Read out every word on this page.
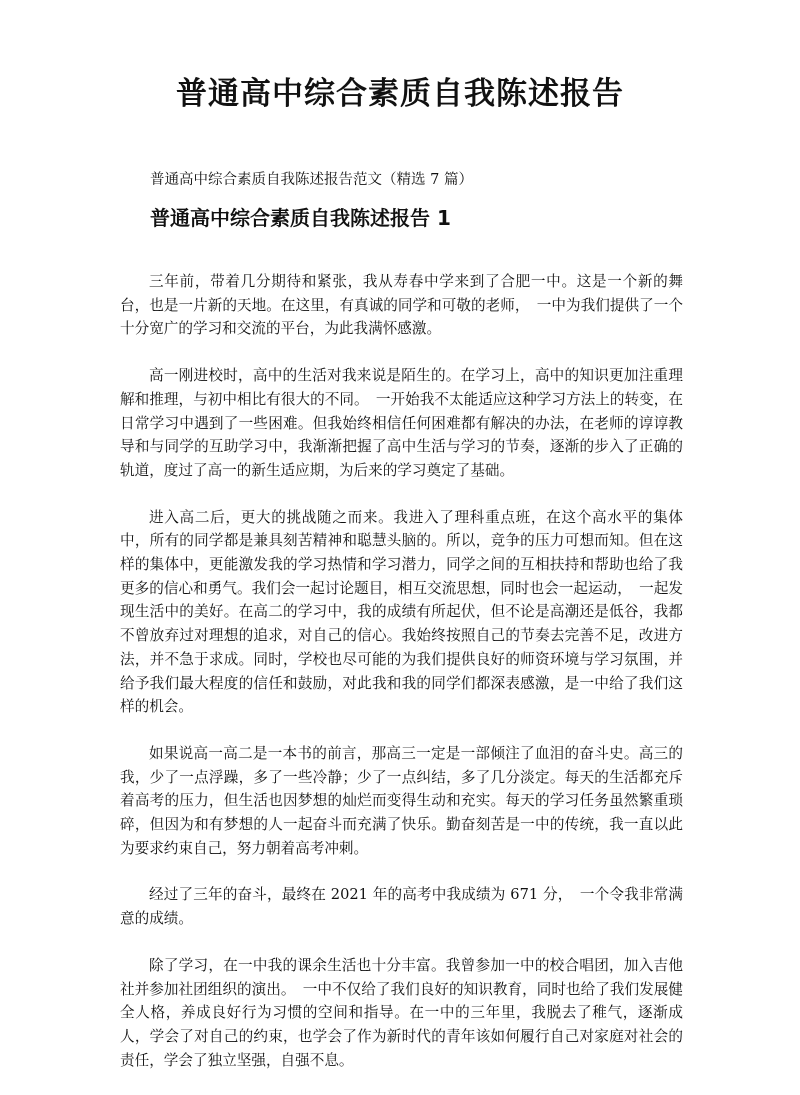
普通高中综合素质自我陈述报告

普通高中综合素质自我陈述报告范文（精选 7 篇）

普通高中综合素质自我陈述报告 1

三年前，带着几分期待和紧张，我从寿春中学来到了合肥一中。这是一个新的舞台，也是一片新的天地。在这里，有真诚的同学和可敬的老师，　一中为我们提供了一个十分宽广的学习和交流的平台，为此我满怀感激。

高一刚进校时，高中的生活对我来说是陌生的。在学习上，高中的知识更加注重理解和推理，与初中相比有很大的不同。　一开始我不太能适应这种学习方法上的转变，在日常学习中遇到了一些困难。但我始终相信任何困难都有解决的办法，在老师的谆谆教导和与同学的互助学习中，我渐渐把握了高中生活与学习的节奏，逐渐的步入了正确的轨道，度过了高一的新生适应期，为后来的学习奠定了基础。

进入高二后，更大的挑战随之而来。我进入了理科重点班，在这个高水平的集体中，所有的同学都是兼具刻苦精神和聪慧头脑的。所以，竞争的压力可想而知。但在这样的集体中，更能激发我的学习热情和学习潜力，同学之间的互相扶持和帮助也给了我更多的信心和勇气。我们会一起讨论题目，相互交流思想，同时也会一起运动，　一起发现生活中的美好。在高二的学习中，我的成绩有所起伏，但不论是高潮还是低谷，我都不曾放弃过对理想的追求，对自己的信心。我始终按照自己的节奏去完善不足，改进方法，并不急于求成。同时，学校也尽可能的为我们提供良好的师资环境与学习氛围，并给予我们最大程度的信任和鼓励，对此我和我的同学们都深表感激，是一中给了我们这样的机会。

如果说高一高二是一本书的前言，那高三一定是一部倾注了血泪的奋斗史。高三的我，少了一点浮躁，多了一些冷静；少了一点纠结，多了几分淡定。每天的生活都充斥着高考的压力，但生活也因梦想的灿烂而变得生动和充实。每天的学习任务虽然繁重琐碎，但因为和有梦想的人一起奋斗而充满了快乐。勤奋刻苦是一中的传统，我一直以此为要求约束自己，努力朝着高考冲刺。

经过了三年的奋斗，最终在 2021 年的高考中我成绩为 671 分，　一个令我非常满意的成绩。

除了学习，在一中我的课余生活也十分丰富。我曾参加一中的校合唱团，加入吉他社并参加社团组织的演出。　一中不仅给了我们良好的知识教育，同时也给了我们发展健全人格，养成良好行为习惯的空间和指导。在一中的三年里，我脱去了稚气，逐渐成人，学会了对自己的约束，也学会了作为新时代的青年该如何履行自己对家庭对社会的责任，学会了独立坚强，自强不息。
